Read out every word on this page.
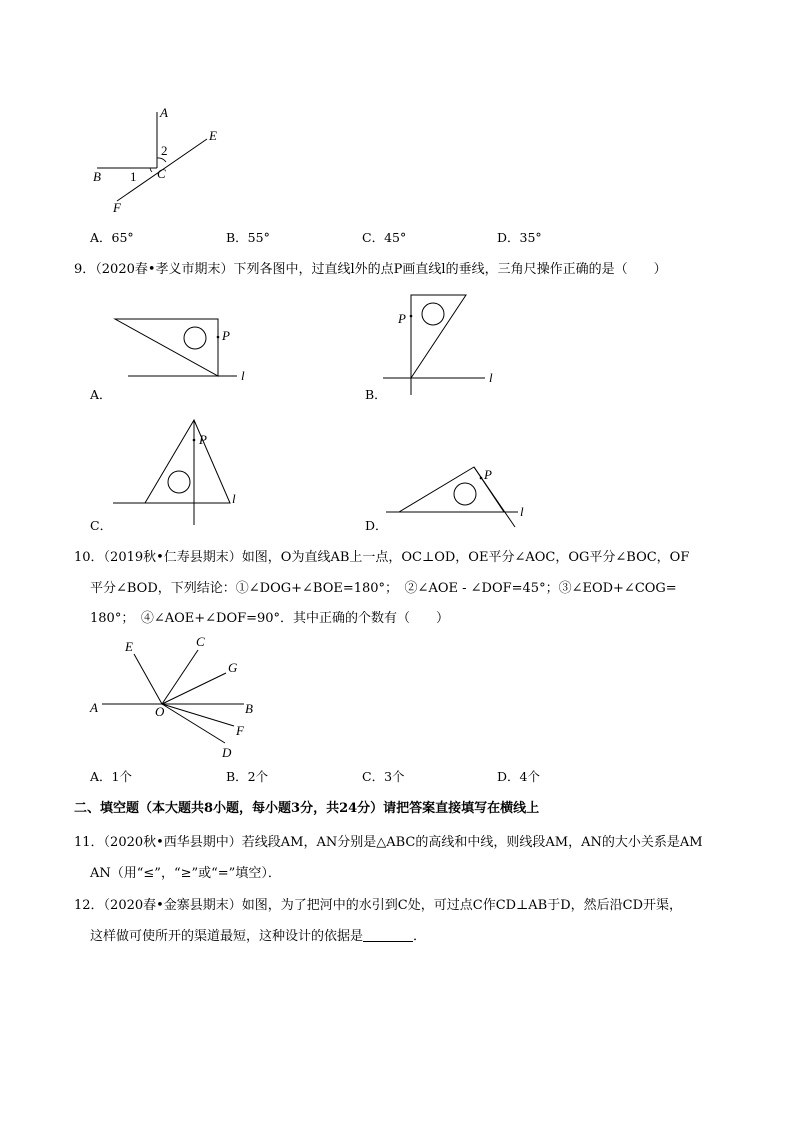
A
E
2
B 1 C
F
A．65°	B．55°	C．45°	D．35°
9．（2020春•孝义市期末）下列各图中，过直线l外的点P画直线l的垂线，三角尺操作正确的是（　　）
P
l
A．
P
l
B．
P
l
C．
P
l
D．
10．（2019秋•仁寿县期末）如图，O为直线AB上一点，OC⊥OD，OE平分∠AOC，OG平分∠BOC，OF
平分∠BOD，下列结论：①∠DOG+∠BOE=180°；　②∠AOE - ∠DOF=45°；③∠EOD+∠COG=
180°；　④∠AOE+∠DOF=90°．其中正确的个数有（　　）
E	C
G
A	O	B
F
D
A．1个	B．2个	C．3个	D．4个
二、填空题（本大题共8小题，每小题3分，共24分）请把答案直接填写在横线上
11．（2020秋•西华县期中）若线段AM，AN分别是△ABC的高线和中线，则线段AM，AN的大小关系是AM
AN（用“≤”，“≥”或“=”填空）．
12．（2020春•金寨县期末）如图，为了把河中的水引到C处，可过点C作CD⊥AB于D，然后沿CD开渠，
这样做可使所开的渠道最短，这种设计的依据是	．
